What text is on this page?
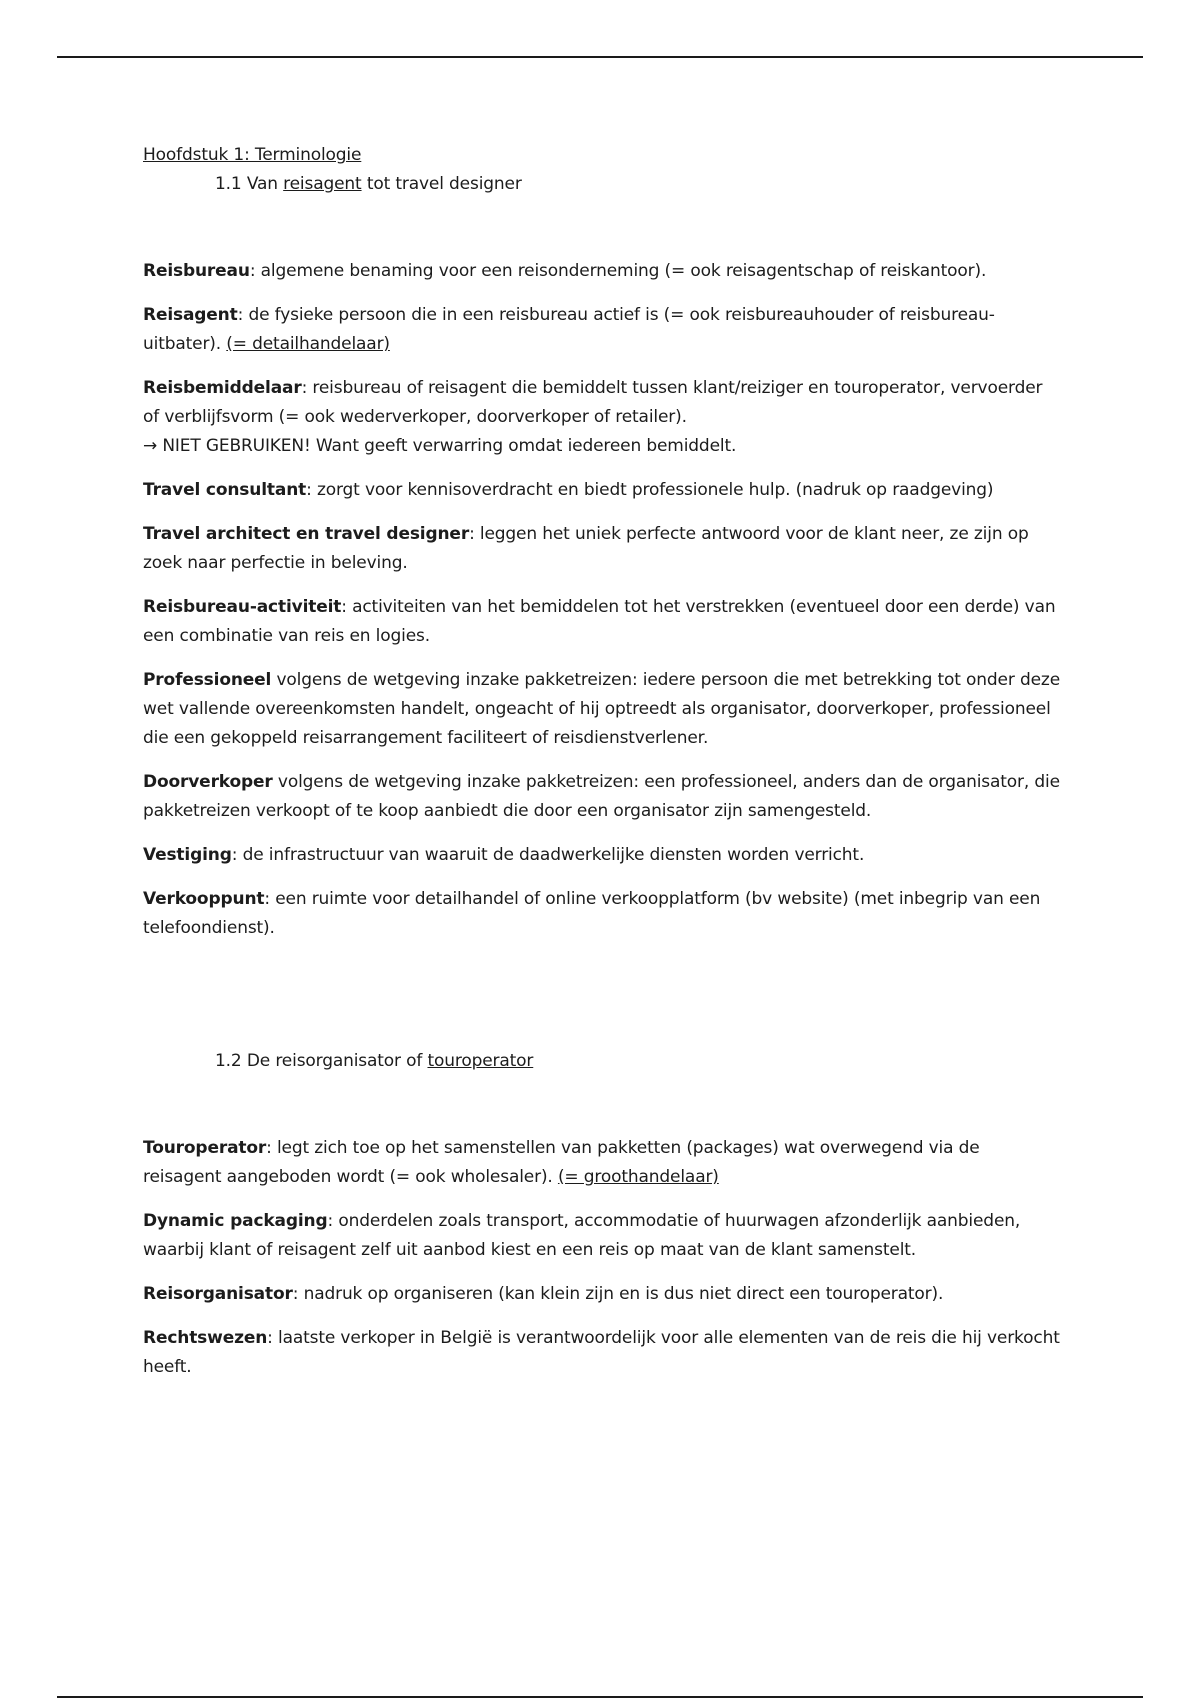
Hoofdstuk 1: Terminologie
1.1 Van reisagent tot travel designer

Reisbureau: algemene benaming voor een reisonderneming (= ook reisagentschap of reiskantoor).

Reisagent: de fysieke persoon die in een reisbureau actief is (= ook reisbureauhouder of reisbureau-uitbater). (= detailhandelaar)

Reisbemiddelaar: reisbureau of reisagent die bemiddelt tussen klant/reiziger en touroperator, vervoerder of verblijfsvorm (= ook wederverkoper, doorverkoper of retailer).
→ NIET GEBRUIKEN! Want geeft verwarring omdat iedereen bemiddelt.

Travel consultant: zorgt voor kennisoverdracht en biedt professionele hulp. (nadruk op raadgeving)

Travel architect en travel designer: leggen het uniek perfecte antwoord voor de klant neer, ze zijn op zoek naar perfectie in beleving.

Reisbureau-activiteit: activiteiten van het bemiddelen tot het verstrekken (eventueel door een derde) van een combinatie van reis en logies.

Professioneel volgens de wetgeving inzake pakketreizen: iedere persoon die met betrekking tot onder deze wet vallende overeenkomsten handelt, ongeacht of hij optreedt als organisator, doorverkoper, professioneel die een gekoppeld reisarrangement faciliteert of reisdienstverlener.

Doorverkoper volgens de wetgeving inzake pakketreizen: een professioneel, anders dan de organisator, die pakketreizen verkoopt of te koop aanbiedt die door een organisator zijn samengesteld.

Vestiging: de infrastructuur van waaruit de daadwerkelijke diensten worden verricht.

Verkooppunt: een ruimte voor detailhandel of online verkoopplatform (bv website) (met inbegrip van een telefoondienst).

1.2 De reisorganisator of touroperator

Touroperator: legt zich toe op het samenstellen van pakketten (packages) wat overwegend via de reisagent aangeboden wordt (= ook wholesaler). (= groothandelaar)

Dynamic packaging: onderdelen zoals transport, accommodatie of huurwagen afzonderlijk aanbieden, waarbij klant of reisagent zelf uit aanbod kiest en een reis op maat van de klant samenstelt.

Reisorganisator: nadruk op organiseren (kan klein zijn en is dus niet direct een touroperator).

Rechtswezen: laatste verkoper in België is verantwoordelijk voor alle elementen van de reis die hij verkocht heeft.
